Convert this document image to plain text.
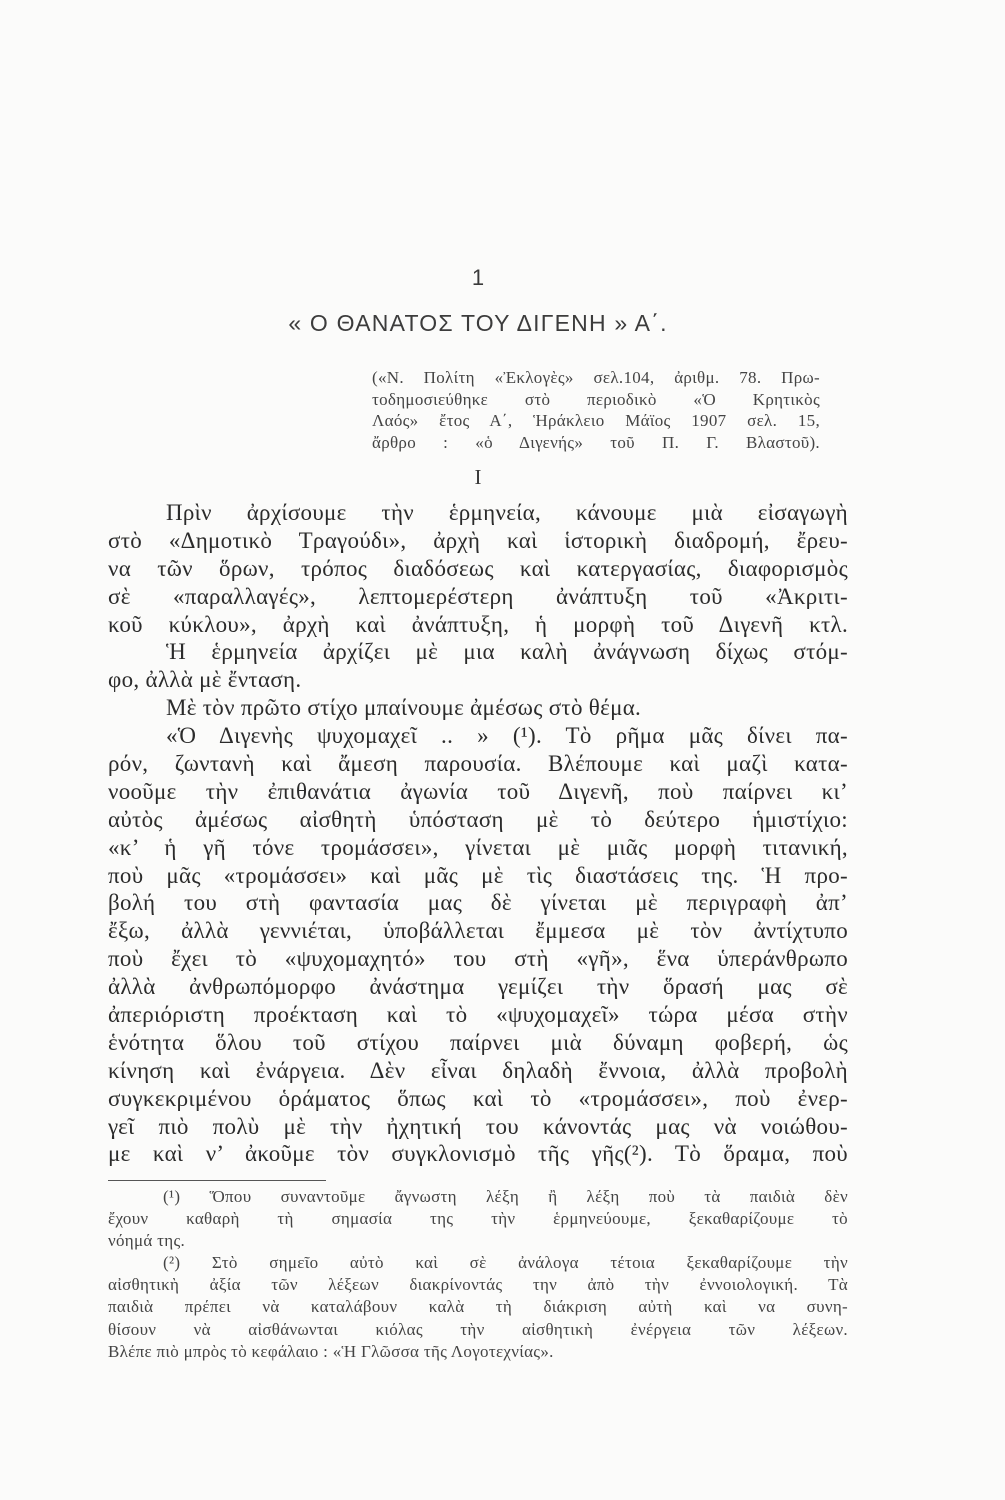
1
« Ο ΘΑΝΑΤΟΣ ΤΟΥ ΔΙΓΕΝΗ » Α΄.
(«Ν. Πολίτη «Ἐκλογὲς» σελ.104, ἀριθμ. 78. Πρω-
τοδημοσιεύθηκε στὸ περιοδικὸ «Ὁ Κρητικὸς
Λαός» ἔτος Α΄, Ἡράκλειο Μάϊος 1907 σελ. 15,
ἄρθρο : «ὁ Διγενής» τοῦ Π. Γ. Βλαστοῦ).
I
Πρὶν ἀρχίσουμε τὴν ἑρμηνεία, κάνουμε μιὰ εἰσαγωγὴ
στὸ «Δημοτικὸ Τραγούδι», ἀρχὴ καὶ ἱστορικὴ διαδρομή, ἔρευ-
να τῶν ὅρων, τρόπος διαδόσεως καὶ κατεργασίας, διαφορισμὸς
σὲ «παραλλαγές», λεπτομερέστερη ἀνάπτυξη τοῦ «Ἀκριτι-
κοῦ κύκλου», ἀρχὴ καὶ ἀνάπτυξη, ἡ μορφὴ τοῦ Διγενῆ κτλ.
Ἡ ἑρμηνεία ἀρχίζει μὲ μια καλὴ ἀνάγνωση δίχως στόμ-
φο, ἀλλὰ μὲ ἔνταση.
Μὲ τὸν πρῶτο στίχο μπαίνουμε ἀμέσως στὸ θέμα.
«Ὁ Διγενὴς ψυχομαχεῖ .. » (¹). Τὸ ρῆμα μᾶς δίνει πα-
ρόν, ζωντανὴ καὶ ἄμεση παρουσία. Βλέπουμε καὶ μαζὶ κατα-
νοοῦμε τὴν ἐπιθανάτια ἀγωνία τοῦ Διγενῆ, ποὺ παίρνει κι’
αὐτὸς ἀμέσως αἰσθητὴ ὑπόσταση μὲ τὸ δεύτερο ἡμιστίχιο:
«κ’ ἡ γῆ τόνε τρομάσσει», γίνεται μὲ μιᾶς μορφὴ τιτανική,
ποὺ μᾶς «τρομάσσει» καὶ μᾶς μὲ τὶς διαστάσεις της. Ἡ προ-
βολή του στὴ φαντασία μας δὲ γίνεται μὲ περιγραφὴ ἀπ’
ἔξω, ἀλλὰ γεννιέται, ὑποβάλλεται ἔμμεσα μὲ τὸν ἀντίχτυπο
ποὺ ἔχει τὸ «ψυχομαχητό» του στὴ «γῆ», ἕνα ὑπεράνθρωπο
ἀλλὰ ἀνθρωπόμορφο ἀνάστημα γεμίζει τὴν ὅρασή μας σὲ
ἀπεριόριστη προέκταση καὶ τὸ «ψυχομαχεῖ» τώρα μέσα στὴν
ἑνότητα ὅλου τοῦ στίχου παίρνει μιὰ δύναμη φοβερή, ὡς
κίνηση καὶ ἐνάργεια. Δὲν εἶναι δηλαδὴ ἔννοια, ἀλλὰ προβολὴ
συγκεκριμένου ὁράματος ὅπως καὶ τὸ «τρομάσσει», ποὺ ἐνερ-
γεῖ πιὸ πολὺ μὲ τὴν ἠχητική του κάνοντάς μας νὰ νοιώθου-
με καὶ ν’ ἀκοῦμε τὸν συγκλονισμὸ τῆς γῆς(²). Τὸ ὅραμα, ποὺ
(¹) Ὅπου συναντοῦμε ἄγνωστη λέξη ἢ λέξη ποὺ τὰ παιδιὰ δὲν
ἔχουν καθαρὴ τὴ σημασία της τὴν ἑρμηνεύουμε, ξεκαθαρίζουμε τὸ
νόημά της.
(²) Στὸ σημεῖο αὐτὸ καὶ σὲ ἀνάλογα τέτοια ξεκαθαρίζουμε τὴν
αἰσθητικὴ ἀξία τῶν λέξεων διακρίνοντάς την ἀπὸ τὴν ἐννοιολογική. Τὰ
παιδιὰ πρέπει νὰ καταλάβουν καλὰ τὴ διάκριση αὐτὴ καὶ να συνη-
θίσουν νὰ αἰσθάνωνται κιόλας τὴν αἰσθητικὴ ἐνέργεια τῶν λέξεων.
Βλέπε πιὸ μπρὸς τὸ κεφάλαιο : «Ἡ Γλῶσσα τῆς Λογοτεχνίας».
